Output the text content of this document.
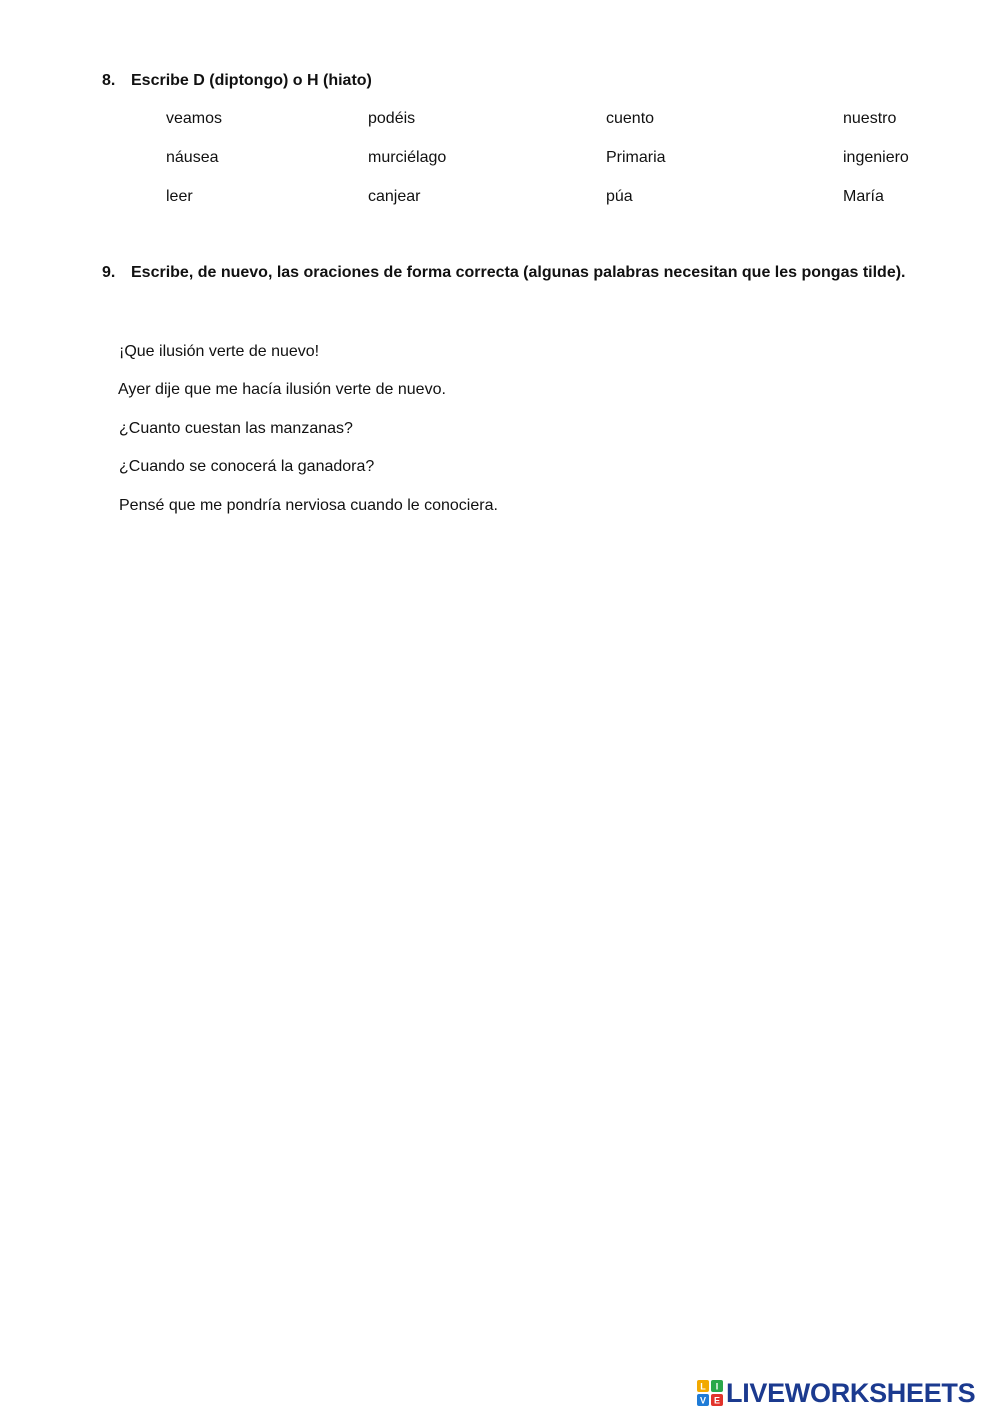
8. Escribe D (diptongo) o H (hiato)
veamos	podéis	cuento	nuestro
náusea	murciélago	Primaria	ingeniero
leer	canjear	púa	María
9. Escribe, de nuevo, las oraciones de forma correcta (algunas palabras necesitan que les pongas tilde).
¡Que ilusión verte de nuevo!
Ayer dije que me hacía ilusión verte de nuevo.
¿Cuanto cuestan las manzanas?
¿Cuando se conocerá la ganadora?
Pensé que me pondría nerviosa cuando le conociera.
L I
V E LIVEWORKSHEETS
